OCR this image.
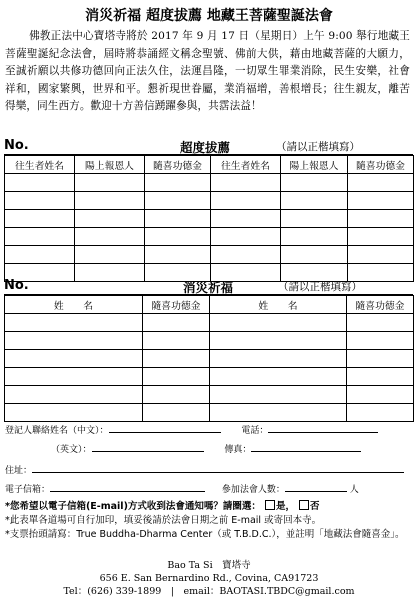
消災祈福 超度拔薦 地藏王菩薩聖誕法會
佛教正法中心寶塔寺將於 2017 年 9 月 17 日（星期日）上午 9:00 舉行地藏王菩薩聖誕紀念法會，屆時將恭誦經文稱念聖號、佛前大供，藉由地藏菩薩的大願力，至誠祈願以共修功德回向正法久住，法運昌隆，一切眾生罪業消除，民生安樂，社會祥和，國家繁興，世界和平。懇祈現世眷屬，業消福增，善根增長；往生親友，離苦得樂，同生西方。歡迎十方善信踴躍參與，共霑法益！
No.	超度拔薦	（請以正楷填寫）
往生者姓名	陽上報恩人	隨喜功德金	往生者姓名	陽上報恩人	隨喜功德金

No.	消災祈福	（請以正楷填寫）
姓　　名	隨喜功德金	姓　　名	隨喜功德金

登記人聯絡姓名（中文）：	電話：
（英文）：	傳真：
住址：
電子信箱：	參加法會人數：	人
*您希望以電子信箱(E-mail)方式收到法會通知嗎？請圈選： 是， 否
*此表單各道場可自行加印，填妥後請於法會日期之前 E-mail 或寄回本寺。
*支票抬頭請寫：True Buddha-Dharma Center（或 T.B.D.C.），並註明「地藏法會隨喜金」。
Bao Ta Si　寶塔寺
656 E. San Bernardino Rd., Covina, CA91723
Tel：(626) 339-1899　|　email：BAOTASI.TBDC@gmail.com
